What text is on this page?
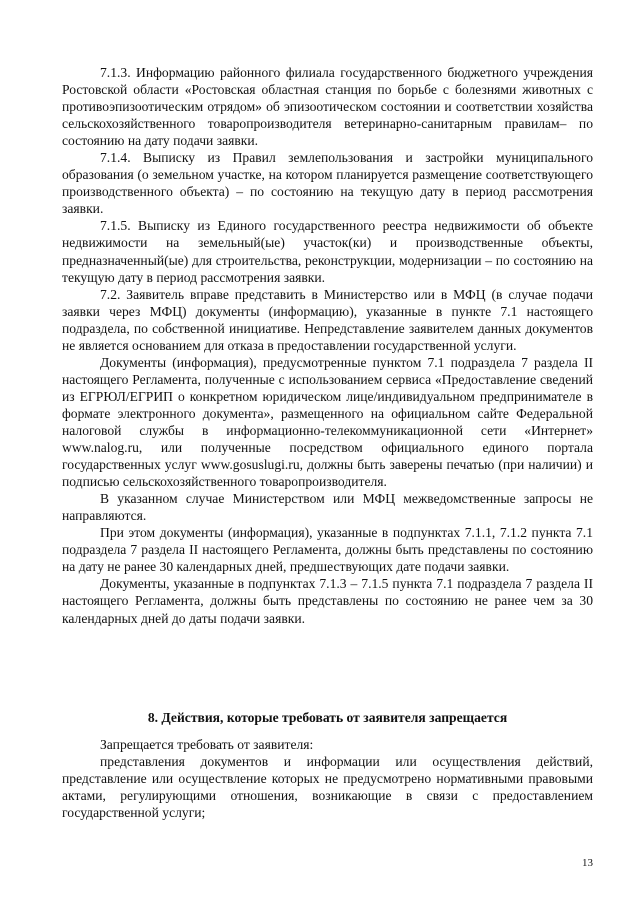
7.1.3. Информацию районного филиала государственного бюджетного учреждения Ростовской области «Ростовская областная станция по борьбе с болезнями животных с противоэпизоотическим отрядом» об эпизоотическом состоянии и соответствии хозяйства сельскохозяйственного товаропроизводителя ветеринарно-санитарным правилам– по состоянию на дату подачи заявки.

7.1.4. Выписку из Правил землепользования и застройки муниципального образования (о земельном участке, на котором планируется размещение соответствующего производственного объекта) – по состоянию на текущую дату в период рассмотрения заявки.

7.1.5. Выписку из Единого государственного реестра недвижимости об объекте недвижимости на земельный(ые) участок(ки) и производственные объекты, предназначенный(ые) для строительства, реконструкции, модернизации – по состоянию на текущую дату в период рассмотрения заявки.

7.2. Заявитель вправе представить в Министерство или в МФЦ (в случае подачи заявки через МФЦ) документы (информацию), указанные в пункте 7.1 настоящего подраздела, по собственной инициативе. Непредставление заявителем данных документов не является основанием для отказа в предоставлении государственной услуги.

Документы (информация), предусмотренные пунктом 7.1 подраздела 7 раздела II настоящего Регламента, полученные с использованием сервиса «Предоставление сведений из ЕГРЮЛ/ЕГРИП о конкретном юридическом лице/индивидуальном предпринимателе в формате электронного документа», размещенного на официальном сайте Федеральной налоговой службы в информационно-телекоммуникационной сети «Интернет» www.nalog.ru, или полученные посредством официального единого портала государственных услуг www.gosuslugi.ru, должны быть заверены печатью (при наличии) и подписью сельскохозяйственного товаропроизводителя.

В указанном случае Министерством или МФЦ межведомственные запросы не направляются.

При этом документы (информация), указанные в подпунктах 7.1.1, 7.1.2 пункта 7.1 подраздела 7 раздела II настоящего Регламента, должны быть представлены по состоянию на дату не ранее 30 календарных дней, предшествующих дате подачи заявки.

Документы, указанные в подпунктах 7.1.3 – 7.1.5 пункта 7.1 подраздела 7 раздела II настоящего Регламента, должны быть представлены по состоянию не ранее чем за 30 календарных дней до даты подачи заявки.

8. Действия, которые требовать от заявителя запрещается

Запрещается требовать от заявителя:

представления документов и информации или осуществления действий, представление или осуществление которых не предусмотрено нормативными правовыми актами, регулирующими отношения, возникающие в связи с предоставлением государственной услуги;

13
